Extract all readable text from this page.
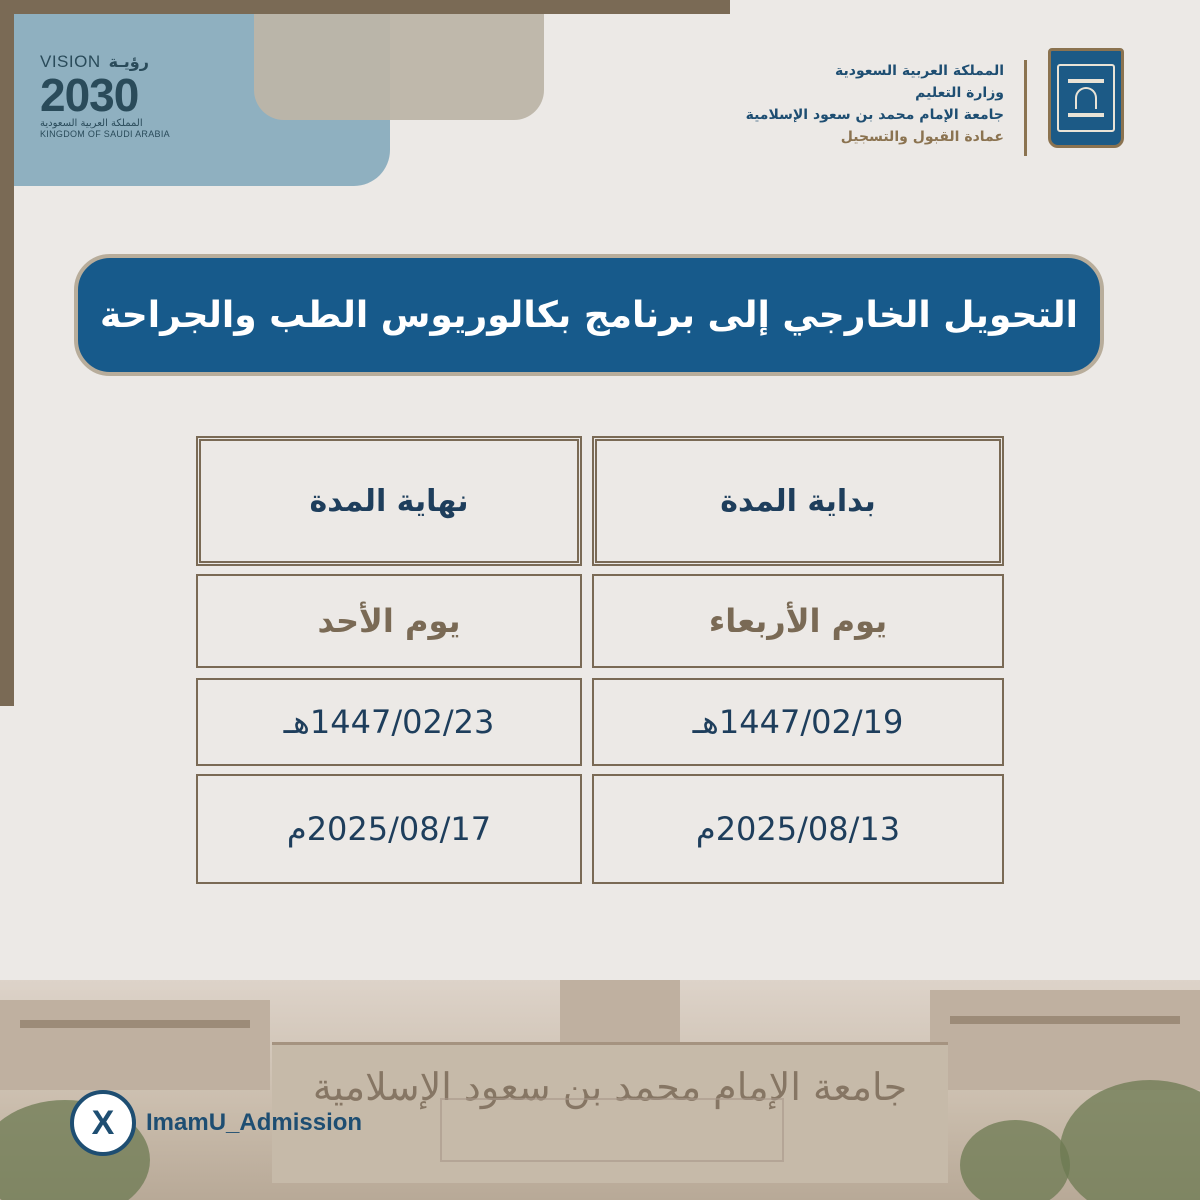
VISION رؤيـة
2030
المملكة العربية السعودية
KINGDOM OF SAUDI ARABIA
المملكة العربية السعودية
وزارة التعليم
جامعة الإمام محمد بن سعود الإسلامية
عمادة القبول والتسجيل
التحويل الخارجي إلى برنامج بكالوريوس الطب والجراحة
بداية المدة
يوم الأربعاء
1447/02/19هـ
2025/08/13م
نهاية المدة
يوم الأحد
1447/02/23هـ
2025/08/17م
جامعة الإمام محمد بن سعود الإسلامية
X	ImamU_Admission
